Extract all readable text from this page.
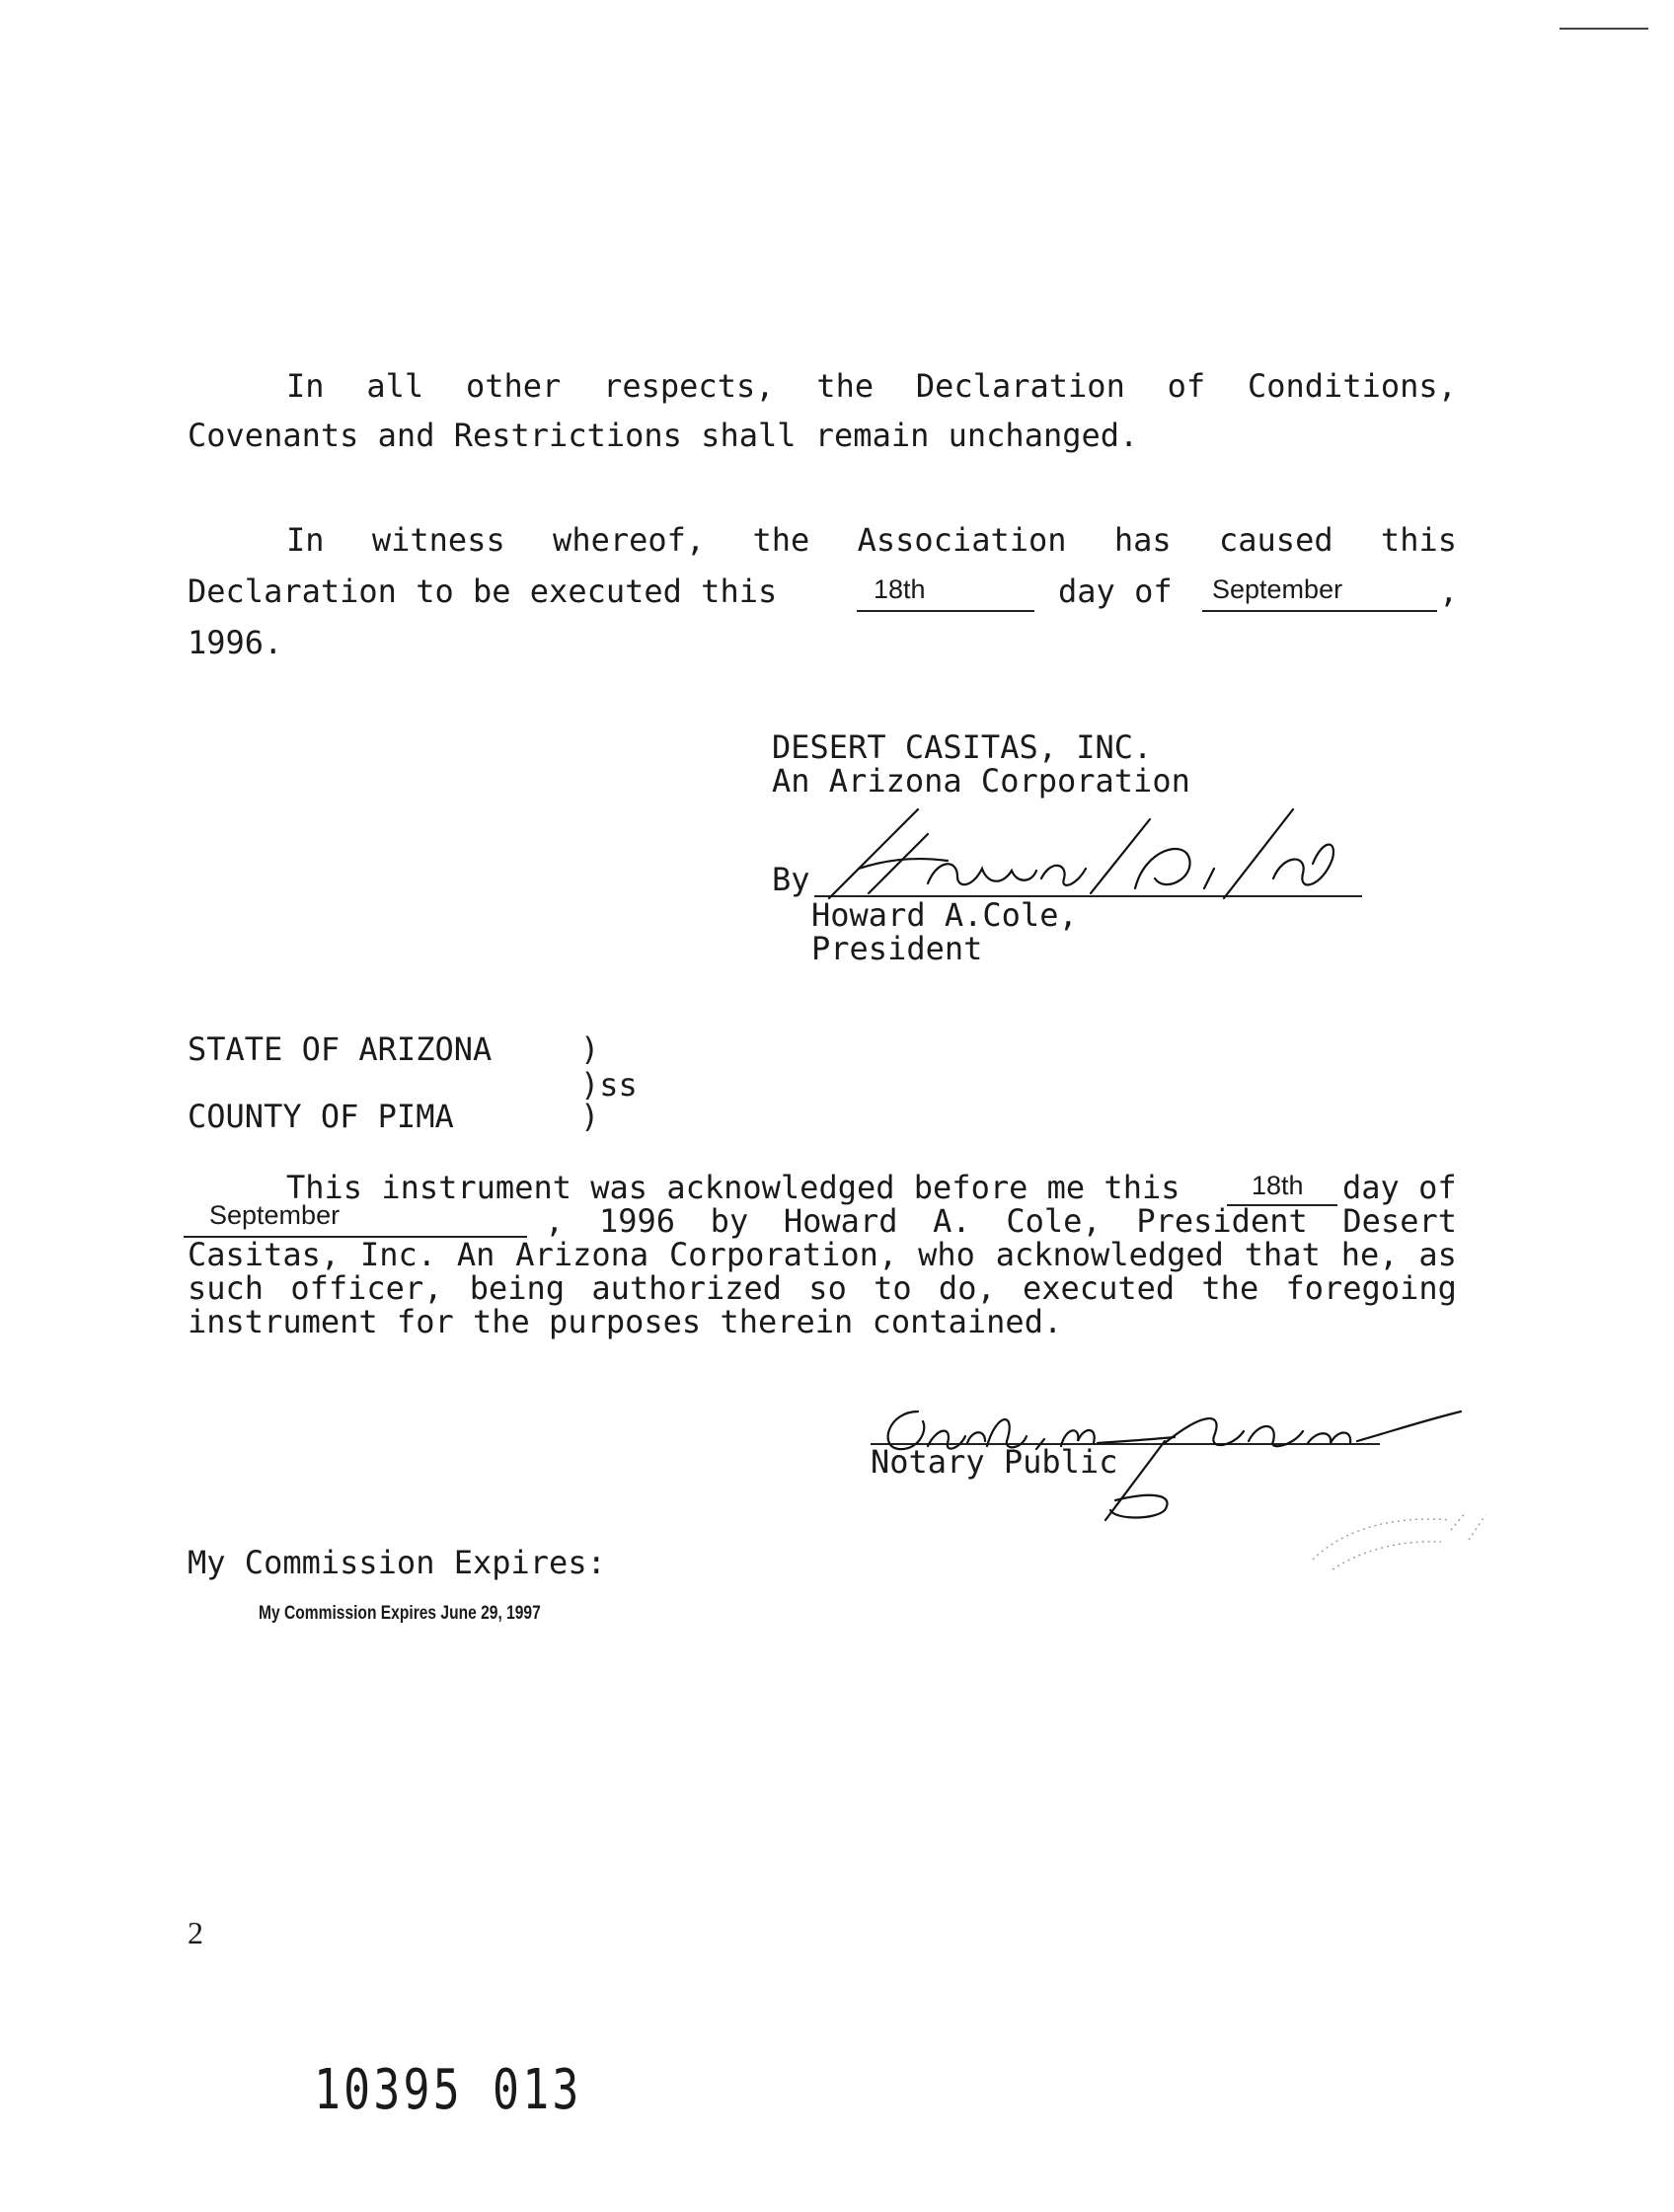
In all other respects, the Declaration of Conditions,
Covenants and Restrictions shall remain unchanged.
In witness whereof, the Association has caused this
Declaration to be executed this	18th	day of September	,
1996.
DESERT CASITAS, INC.
An Arizona Corporation
By
Howard A.Cole,
President
STATE OF ARIZONA	)
)ss
COUNTY OF PIMA	)
This instrument was acknowledged before me this	18th day of
September	, 1996 by Howard A. Cole, President Desert
Casitas, Inc. An Arizona Corporation, who acknowledged that he, as
such officer, being authorized so to do, executed the foregoing
instrument for the purposes therein contained.
Notary Public
My Commission Expires:
My Commission Expires June 29, 1997
2
10395 013
